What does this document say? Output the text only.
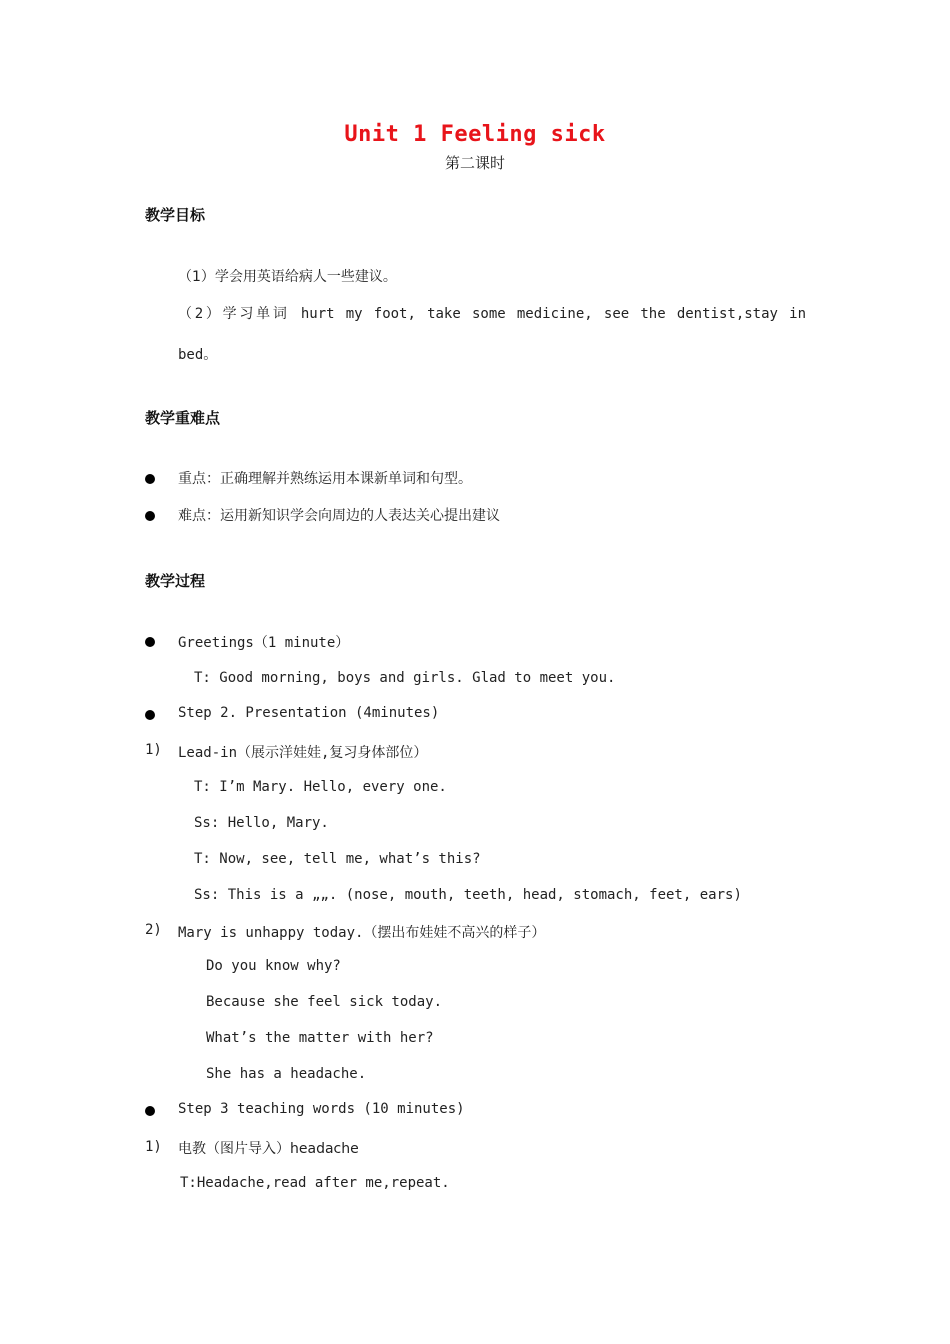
Unit 1 Feeling sick
第二课时
教学目标
（1）学会用英语给病人一些建议。
（2）学习单词 hurt my foot, take some medicine, see the dentist,stay in
bed。
教学重难点
重点：正确理解并熟练运用本课新单词和句型。
难点：运用新知识学会向周边的人表达关心提出建议
教学过程
Greetings（1 minute）
T: Good morning, boys and girls. Glad to meet you.
Step 2. Presentation (4minutes)
1) Lead-in（展示洋娃娃,复习身体部位）
T: I’m Mary. Hello, every one.
Ss: Hello, Mary.
T: Now, see, tell me, what’s this?
Ss: This is a „„. (nose, mouth, teeth, head, stomach, feet, ears)
2) Mary is unhappy today.（摆出布娃娃不高兴的样子）
Do you know why?
Because she feel sick today.
What’s the matter with her?
She has a headache.
Step 3 teaching words (10 minutes)
1) 电教（图片导入）headache
T:Headache,read after me,repeat.
